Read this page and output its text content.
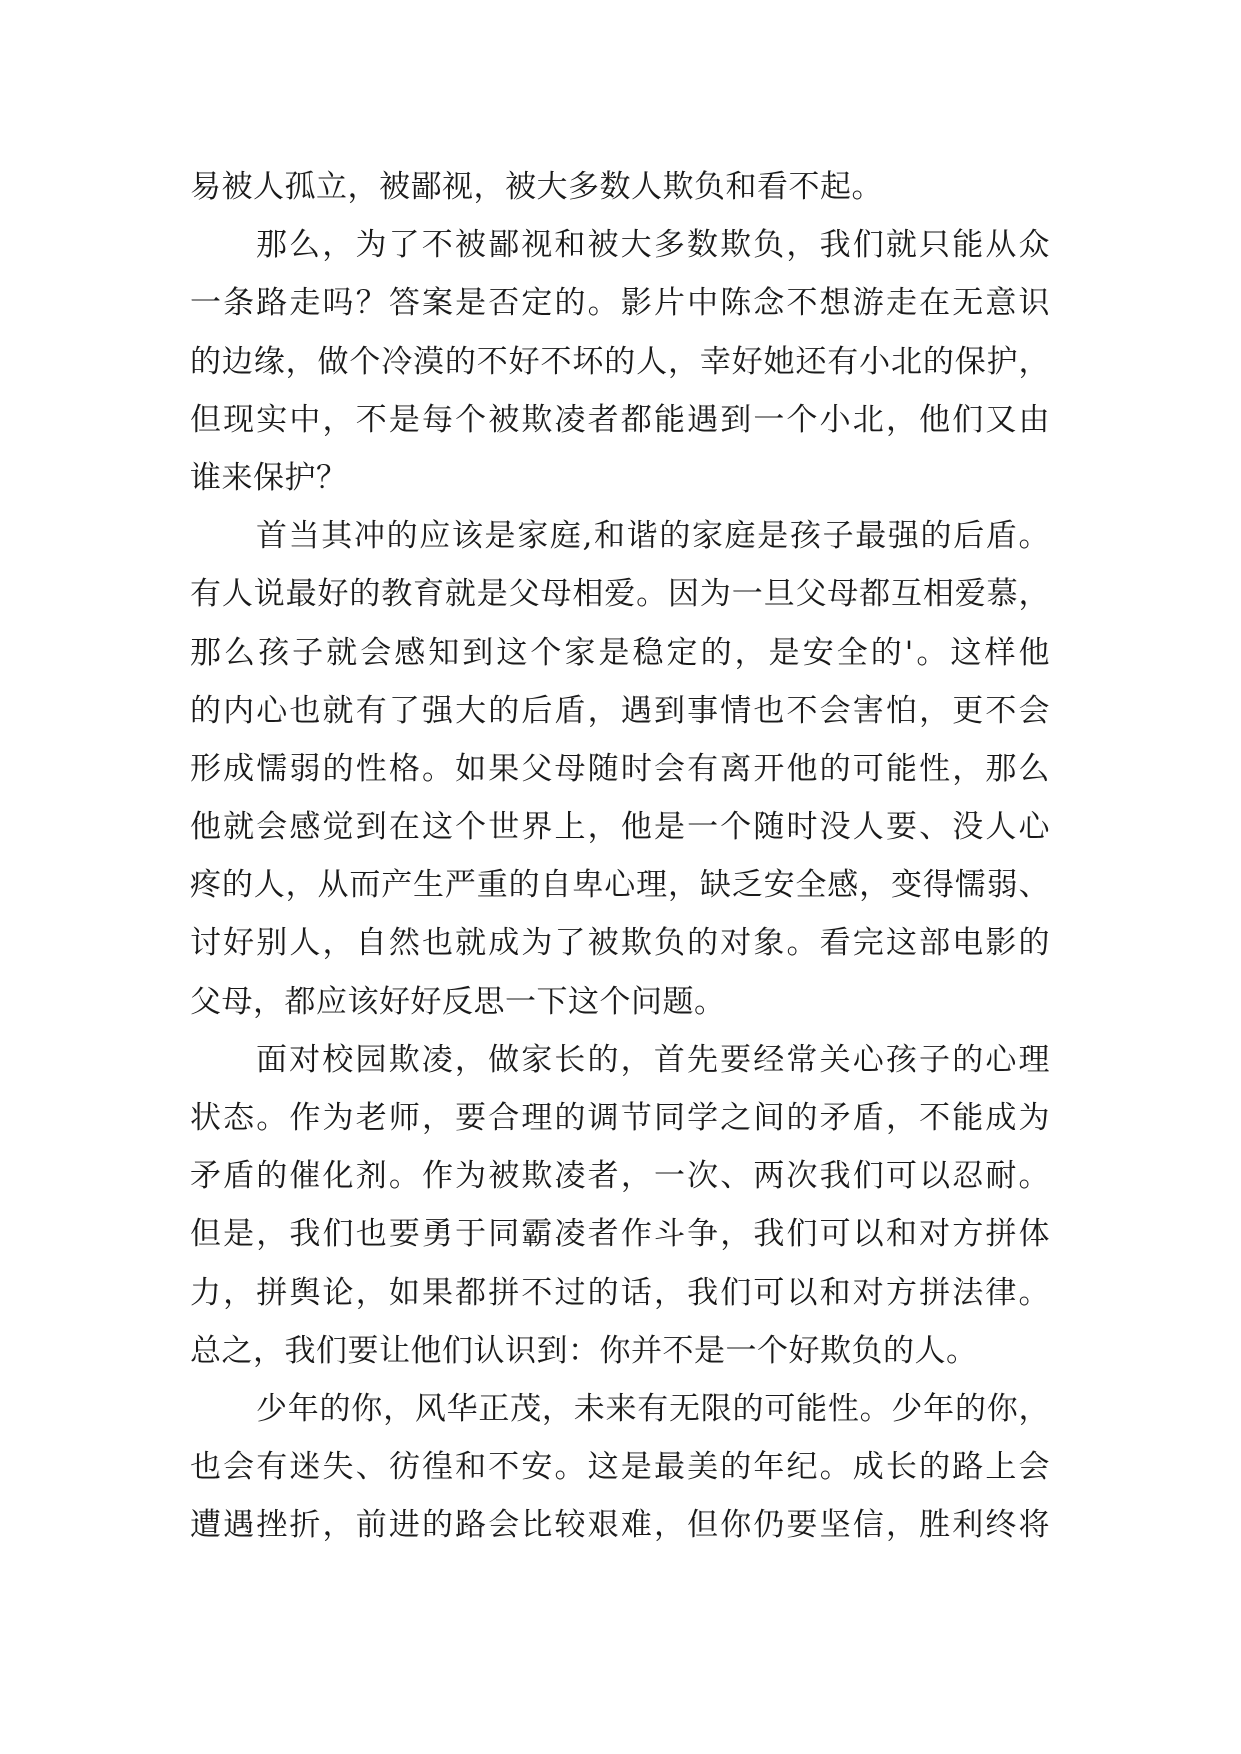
易被人孤立，被鄙视，被大多数人欺负和看不起。
那么，为了不被鄙视和被大多数欺负，我们就只能从众
一条路走吗？答案是否定的。影片中陈念不想游走在无意识
的边缘，做个冷漠的不好不坏的人，幸好她还有小北的保护，
但现实中，不是每个被欺凌者都能遇到一个小北，他们又由
谁来保护？
首当其冲的应该是家庭,和谐的家庭是孩子最强的后盾。
有人说最好的教育就是父母相爱。因为一旦父母都互相爱慕，
那么孩子就会感知到这个家是稳定的，是安全的'。这样他
的内心也就有了强大的后盾，遇到事情也不会害怕，更不会
形成懦弱的性格。如果父母随时会有离开他的可能性，那么
他就会感觉到在这个世界上，他是一个随时没人要、没人心
疼的人，从而产生严重的自卑心理，缺乏安全感，变得懦弱、
讨好别人，自然也就成为了被欺负的对象。看完这部电影的
父母，都应该好好反思一下这个问题。
面对校园欺凌，做家长的，首先要经常关心孩子的心理
状态。作为老师，要合理的调节同学之间的矛盾，不能成为
矛盾的催化剂。作为被欺凌者，一次、两次我们可以忍耐。
但是，我们也要勇于同霸凌者作斗争，我们可以和对方拼体
力，拼舆论，如果都拼不过的话，我们可以和对方拼法律。
总之，我们要让他们认识到：你并不是一个好欺负的人。
少年的你，风华正茂，未来有无限的可能性。少年的你，
也会有迷失、彷徨和不安。这是最美的年纪。成长的路上会
遭遇挫折，前进的路会比较艰难，但你仍要坚信，胜利终将
